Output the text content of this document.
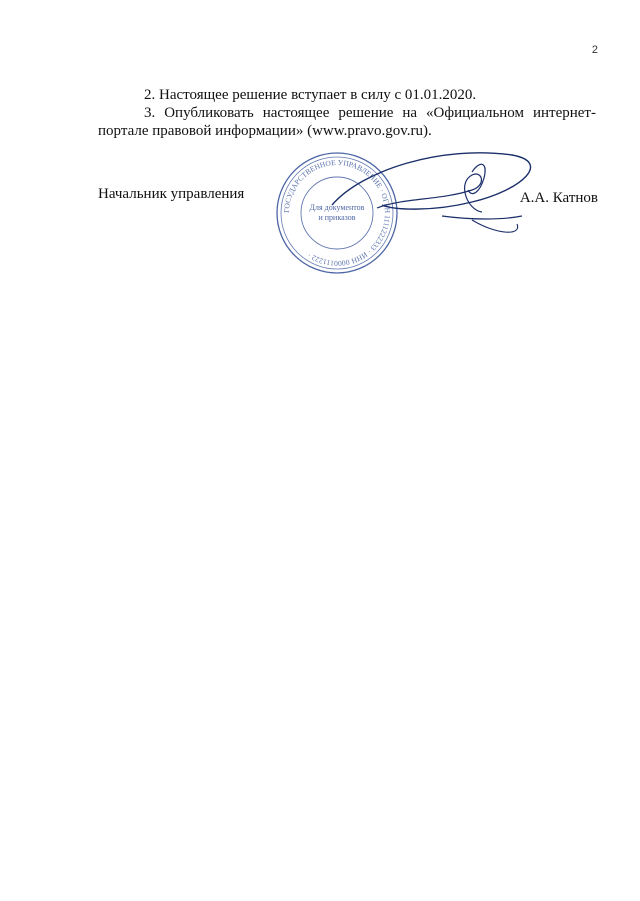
2

2. Настоящее решение вступает в силу с 01.01.2020.

3. Опубликовать настоящее решение на «Официальном интернет-портале правовой информации» (www.pravo.gov.ru).

Начальник управления
ГОСУДАРСТВЕННОЕ УПРАВЛЕНИЕ · ОГРН 1111222333 · ИНН 0000111222 ·
Для документов
и приказов
А.А. Катнов
